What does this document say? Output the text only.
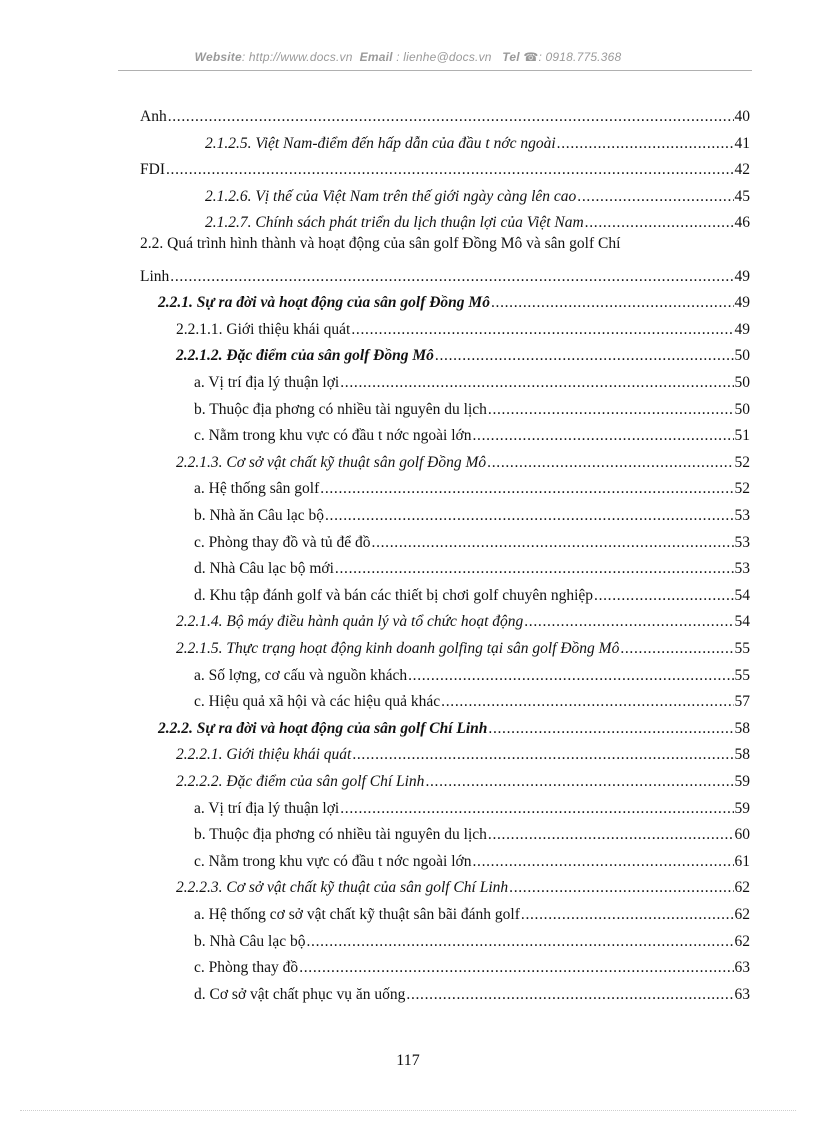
Website: http://www.docs.vn Email : lienhe@docs.vn Tel ☎: 0918.775.368
Anh . . .	40
2.1.2.5. Việt Nam-điểm đến hấp dẫn của đầu t nớc ngoài . . .	41
FDI . . .	42
2.1.2.6. Vị thế của Việt Nam trên thế giới ngày càng lên cao . . .	45
2.1.2.7. Chính sách phát triển du lịch thuận lợi của Việt Nam . . .	46
2.2. Quá trình hình thành và hoạt động của sân golf Đồng Mô và sân golf Chí
Linh . . .	49
2.2.1. Sự ra đời và hoạt động của sân golf Đồng Mô . . .	49
2.2.1.1. Giới thiệu khái quát . . .	49
2.2.1.2. Đặc điểm của sân golf Đồng Mô . . .	50
a. Vị trí địa lý thuận lợi . . .	50
b. Thuộc địa phơng có nhiều tài nguyên du lịch . . .	50
c. Nằm trong khu vực có đầu t nớc ngoài lớn . . .	51
2.2.1.3. Cơ sở vật chất kỹ thuật sân golf Đồng Mô . . .	52
a. Hệ thống sân golf . . .	52
b. Nhà ăn Câu lạc bộ . . .	53
c. Phòng thay đồ và tủ để đồ . . .	53
d. Nhà Câu lạc bộ mới . . .	53
d. Khu tập đánh golf và bán các thiết bị chơi golf chuyên nghiệp . . .	54
2.2.1.4. Bộ máy điều hành quản lý và tổ chức hoạt động . . .	54
2.2.1.5. Thực trạng hoạt động kinh doanh golfing tại sân golf Đồng Mô . . .	55
a. Số lợng, cơ cấu và nguồn khách . . .	55
c. Hiệu quả xã hội và các hiệu quả khác . . .	57
2.2.2. Sự ra đời và hoạt động của sân golf Chí Linh . . .	58
2.2.2.1. Giới thiệu khái quát . . .	58
2.2.2.2. Đặc điểm của sân golf Chí Linh . . .	59
a. Vị trí địa lý thuận lợi . . .	59
b. Thuộc địa phơng có nhiều tài nguyên du lịch . . .	60
c. Nằm trong khu vực có đầu t nớc ngoài lớn . . .	61
2.2.2.3. Cơ sở vật chất kỹ thuật của sân golf Chí Linh . . .	62
a. Hệ thống cơ sở vật chất kỹ thuật sân bãi đánh golf . . .	62
b. Nhà Câu lạc bộ . . .	62
c. Phòng thay đồ . . .	63
d. Cơ sở vật chất phục vụ ăn uống . . .	63
117
